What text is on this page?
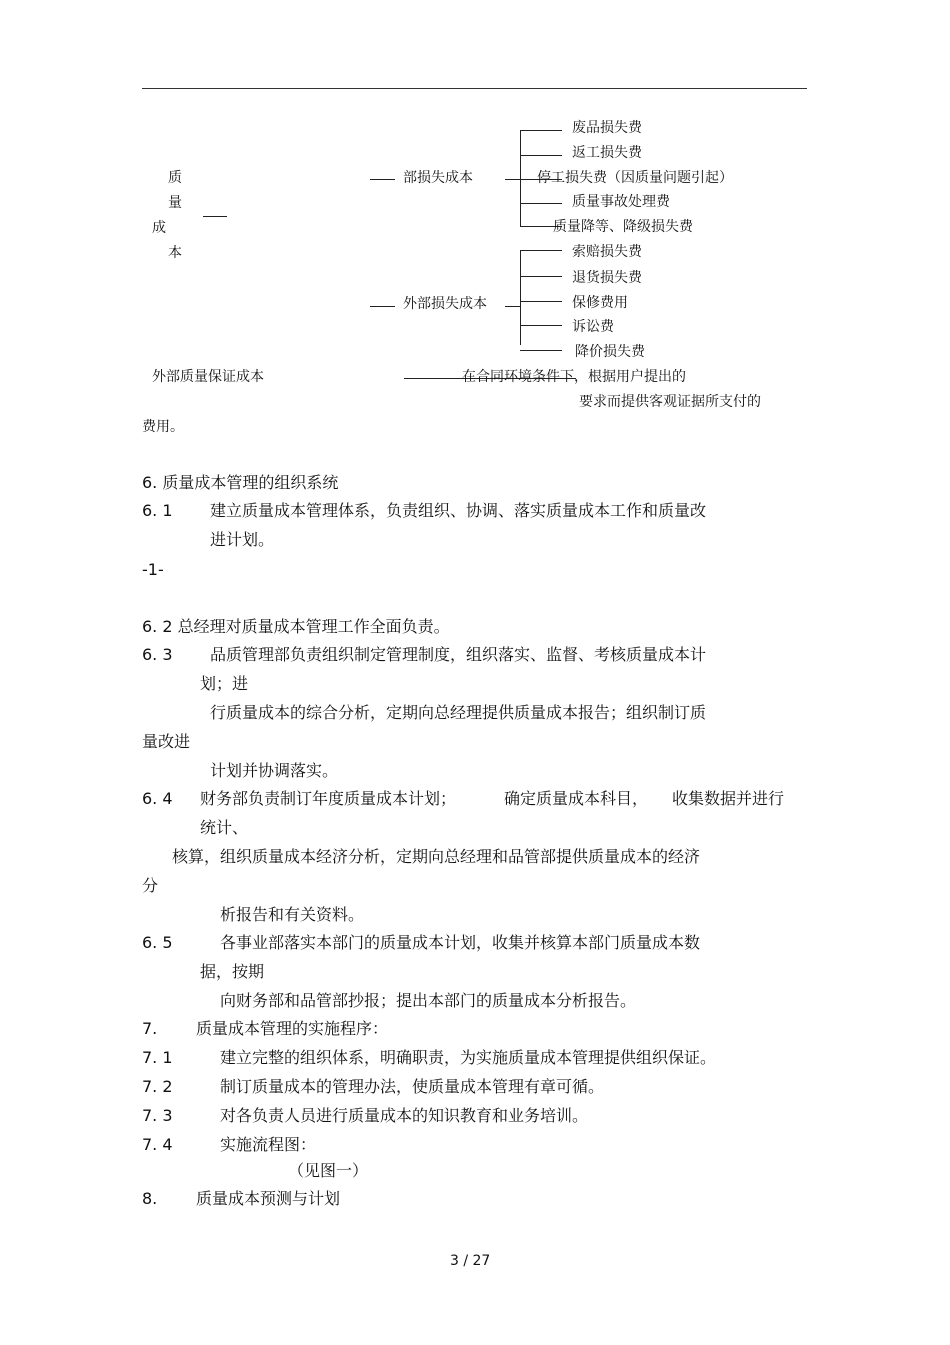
质
量
成
本
部损失成本
废品损失费
返工损失费
停工损失费（因质量问题引起）
质量事故处理费
质量降等、降级损失费
外部损失成本
索赔损失费
退货损失费
保修费用
诉讼费
降价损失费
外部质量保证成本	在合同环境条件下，根据用户提出的
要求而提供客观证据所支付的
费用。
6. 质量成本管理的组织系统
6. 1 建立质量成本管理体系，负责组织、协调、落实质量成本工作和质量改
进计划。
-1-
6. 2 总经理对质量成本管理工作全面负责。
6. 3 品质管理部负责组织制定管理制度，组织落实、监督、考核质量成本计
划；进
行质量成本的综合分析，定期向总经理提供质量成本报告；组织制订质
量改进
计划并协调落实。
6. 4 财务部负责制订年度质量成本计划；	确定质量成本科目， 收集数据并进行
统计、
核算，组织质量成本经济分析，定期向总经理和品管部提供质量成本的经济
分
析报告和有关资料。
6. 5	各事业部落实本部门的质量成本计划，收集并核算本部门质量成本数
据，按期
向财务部和品管部抄报；提出本部门的质量成本分析报告。
7. 质量成本管理的实施程序：
7. 1	建立完整的组织体系，明确职责，为实施质量成本管理提供组织保证。
7. 2	制订质量成本的管理办法，使质量成本管理有章可循。
7. 3	对各负责人员进行质量成本的知识教育和业务培训。
7. 4	实施流程图：
（见图一）
8. 质量成本预测与计划
3 / 27
